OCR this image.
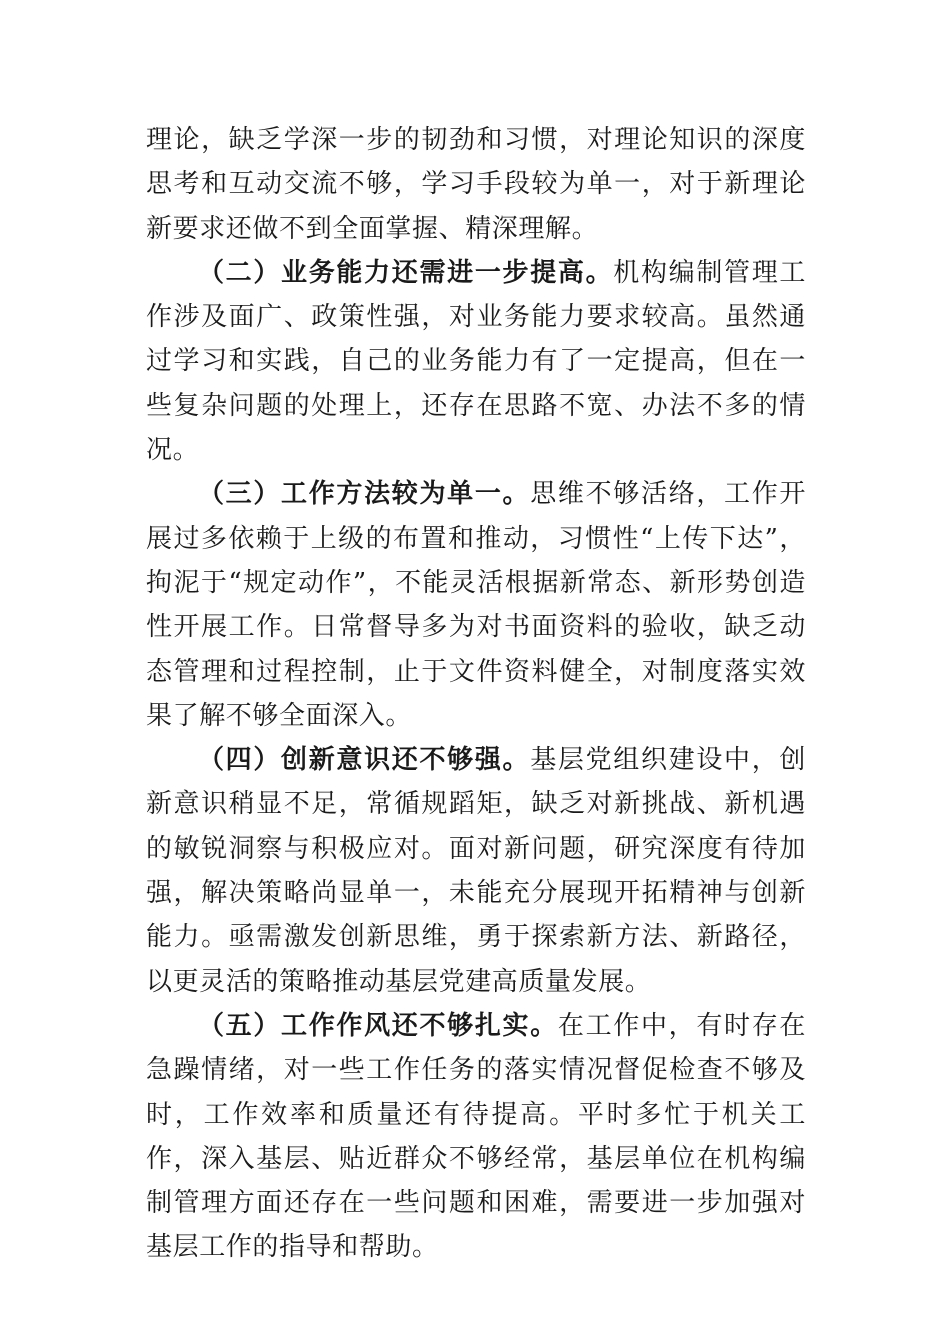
理论，缺乏学深一步的韧劲和习惯，对理论知识的深度思考和互动交流不够，学习手段较为单一，对于新理论新要求还做不到全面掌握、精深理解。

（二）业务能力还需进一步提高。机构编制管理工作涉及面广、政策性强，对业务能力要求较高。虽然通过学习和实践，自己的业务能力有了一定提高，但在一些复杂问题的处理上，还存在思路不宽、办法不多的情况。

（三）工作方法较为单一。思维不够活络，工作开展过多依赖于上级的布置和推动，习惯性“上传下达”，拘泥于“规定动作”，不能灵活根据新常态、新形势创造性开展工作。日常督导多为对书面资料的验收，缺乏动态管理和过程控制，止于文件资料健全，对制度落实效果了解不够全面深入。

（四）创新意识还不够强。基层党组织建设中，创新意识稍显不足，常循规蹈矩，缺乏对新挑战、新机遇的敏锐洞察与积极应对。面对新问题，研究深度有待加强，解决策略尚显单一，未能充分展现开拓精神与创新能力。亟需激发创新思维，勇于探索新方法、新路径，以更灵活的策略推动基层党建高质量发展。

（五）工作作风还不够扎实。在工作中，有时存在急躁情绪，对一些工作任务的落实情况督促检查不够及时，工作效率和质量还有待提高。平时多忙于机关工作，深入基层、贴近群众不够经常，基层单位在机构编制管理方面还存在一些问题和困难，需要进一步加强对基层工作的指导和帮助。
